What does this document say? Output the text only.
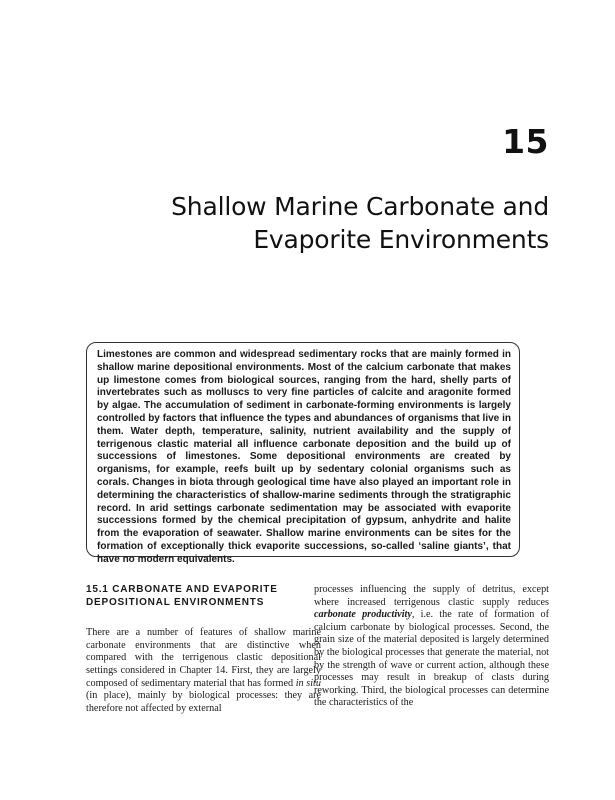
15
Shallow Marine Carbonate and
Evaporite Environments

Limestones are common and widespread sedimentary rocks that are mainly formed in shallow marine depositional environments. Most of the calcium carbonate that makes up limestone comes from biological sources, ranging from the hard, shelly parts of invertebrates such as molluscs to very fine particles of calcite and aragonite formed by algae. The accumulation of sediment in carbonate-forming environments is largely controlled by factors that influence the types and abundances of organisms that live in them. Water depth, temperature, salinity, nutrient availability and the supply of terrigenous clastic material all influence carbonate deposition and the build up of successions of limestones. Some depositional environments are created by organisms, for example, reefs built up by sedentary colonial organisms such as corals. Changes in biota through geological time have also played an important role in determining the characteristics of shallow-marine sediments through the stratigraphic record. In arid settings carbonate sedimentation may be associated with evaporite successions formed by the chemical precipitation of gypsum, anhydrite and halite from the evaporation of seawater. Shallow marine environments can be sites for the formation of exceptionally thick evaporite successions, so-called ‘saline giants’, that have no modern equivalents.

15.1 CARBONATE AND EVAPORITE
DEPOSITIONAL ENVIRONMENTS

There are a number of features of shallow marine carbonate environments that are distinctive when compared with the terrigenous clastic depositional settings considered in Chapter 14. First, they are largely composed of sedimentary material that has formed in situ (in place), mainly by biological processes: they are therefore not affected by external

processes influencing the supply of detritus, except where increased terrigenous clastic supply reduces carbonate productivity, i.e. the rate of formation of calcium carbonate by biological processes. Second, the grain size of the material deposited is largely determined by the biological processes that generate the material, not by the strength of wave or current action, although these processes may result in breakup of clasts during reworking. Third, the biological processes can determine the characteristics of the
